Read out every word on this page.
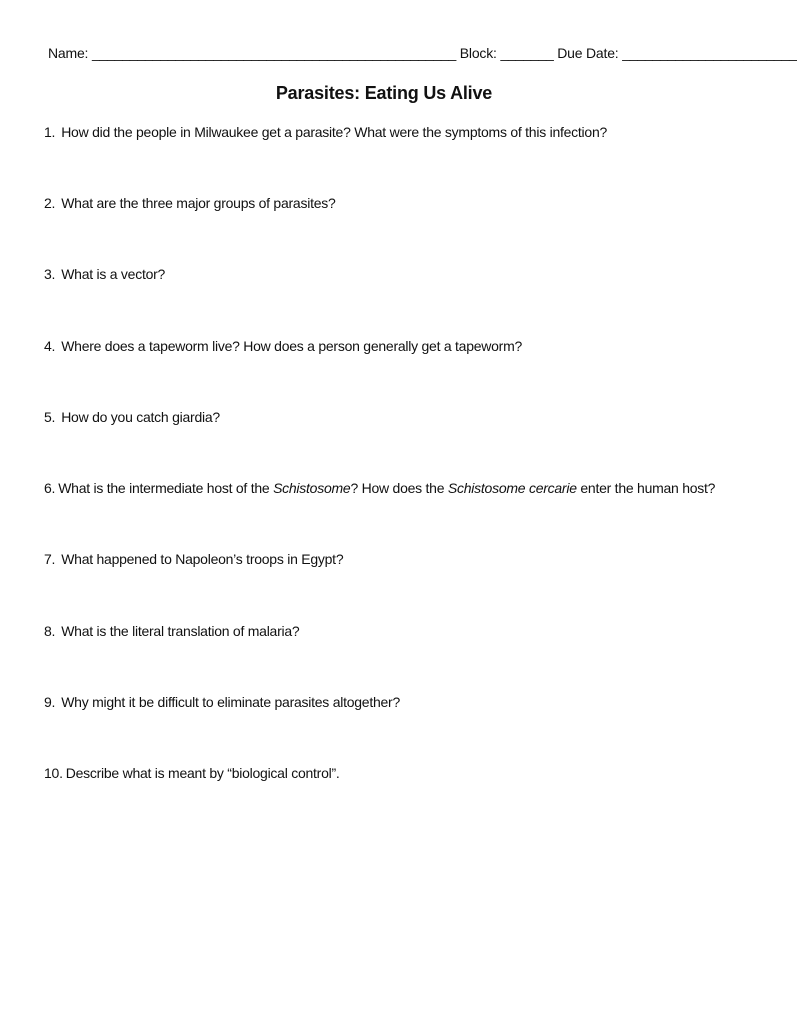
Name: ________________________________________________ Block: _______ Due Date: _______________________
Parasites: Eating Us Alive
1. How did the people in Milwaukee get a parasite? What were the symptoms of this infection?
2. What are the three major groups of parasites?
3. What is a vector?
4. Where does a tapeworm live? How does a person generally get a tapeworm?
5. How do you catch giardia?
6. What is the intermediate host of the Schistosome? How does the Schistosome cercarie enter the human host?
7. What happened to Napoleon’s troops in Egypt?
8. What is the literal translation of malaria?
9. Why might it be difficult to eliminate parasites altogether?
10. Describe what is meant by “biological control”.
